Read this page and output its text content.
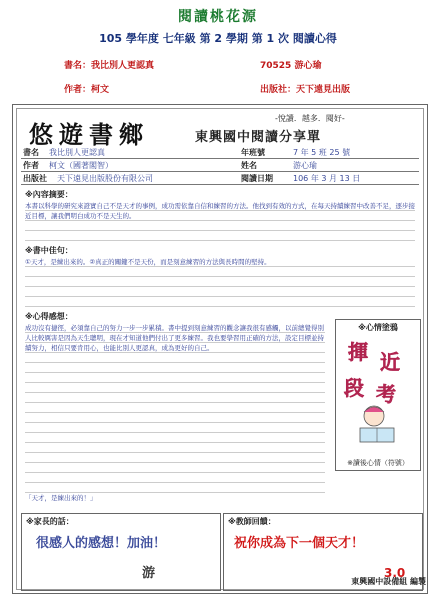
閱讀桃花源
105 學年度 七年級 第 2 學期 第 1 次 閱讀心得
書名：我比別人更認真	70525 游心瑜
作者：柯文	出版社：天下遠見出版
悠遊書鄉
-悅讀．越多．閱好-
東興國中閱讀分享單
書名 我比別人更認真	年班號	7 年 5 班 25 號
作者 柯文（國著閣智）	姓名	游心瑜
出版社 天下遠見出版股份有限公司	閱讀日期	106 年 3 月 13 日
※內容摘要：
本書以科學的研究來證實自己不是天才的事例，成功需依靠自信和練習的方法。他找到有效的方式，在每天持續練習中改善不足，逐步接近目標，讓我們明白成功不是天生的。
※書中佳句：
①天才，是練出來的。②真正的關鍵不是天份，而是刻意練習的方法與長時間的堅持。
※心得感想：
成功沒有捷徑，必須靠自己的努力一步一步累積。書中提到刻意練習的觀念讓我很有感觸，以前總覺得別人比較厲害是因為天生聰明，現在才知道他們付出了更多練習。我也要學習用正確的方法，設定目標並持續努力，相信只要肯用心，也能比別人更認真，成為更好的自己。
「天才，是練出來的！」
※心情塗鴉
揮 近
段 考
※讀後心情（符號）
※家長的話：
很感人的感想！加油！
游
※教師回饋：
祝你成為下一個天才！
3.0
東興國中設備組 編製
